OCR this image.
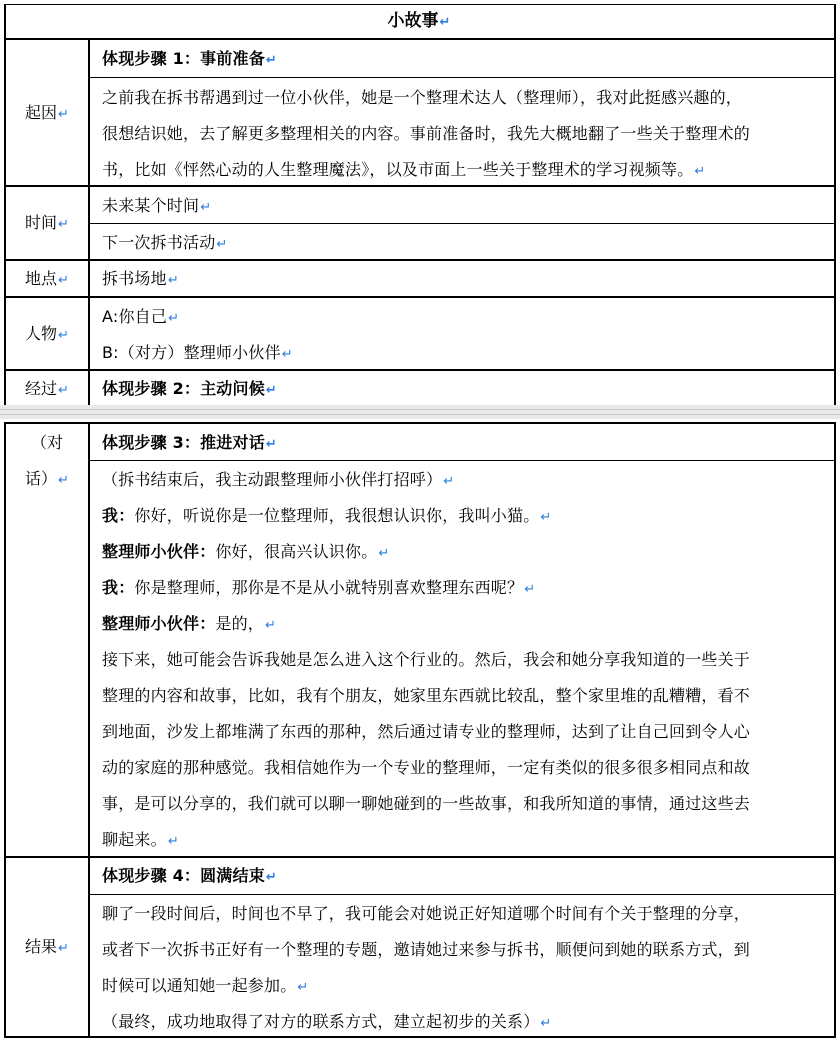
小故事↵
起因↵
体现步骤 1：事前准备↵
之前我在拆书帮遇到过一位小伙伴，她是一个整理术达人（整理师），我对此挺感兴趣的，
很想结识她，去了解更多整理相关的内容。事前准备时，我先大概地翻了一些关于整理术的
书，比如《怦然心动的人生整理魔法》，以及市面上一些关于整理术的学习视频等。↵
时间↵
未来某个时间↵
下一次拆书活动↵
地点↵	拆书场地↵
人物↵
A:你自己↵
B:（对方）整理师小伙伴↵
经过↵	体现步骤 2：主动问候↵
（对
话）↵
体现步骤 3：推进对话↵
（拆书结束后，我主动跟整理师小伙伴打招呼）↵
我：你好，听说你是一位整理师，我很想认识你，我叫小猫。↵
整理师小伙伴：你好，很高兴认识你。↵
我：你是整理师，那你是不是从小就特别喜欢整理东西呢？↵
整理师小伙伴：是的，↵
接下来，她可能会告诉我她是怎么进入这个行业的。然后，我会和她分享我知道的一些关于
整理的内容和故事，比如，我有个朋友，她家里东西就比较乱，整个家里堆的乱糟糟，看不
到地面，沙发上都堆满了东西的那种，然后通过请专业的整理师，达到了让自己回到令人心
动的家庭的那种感觉。我相信她作为一个专业的整理师，一定有类似的很多很多相同点和故
事，是可以分享的，我们就可以聊一聊她碰到的一些故事，和我所知道的事情，通过这些去
聊起来。↵
结果↵
体现步骤 4：圆满结束↵
聊了一段时间后，时间也不早了，我可能会对她说正好知道哪个时间有个关于整理的分享，
或者下一次拆书正好有一个整理的专题，邀请她过来参与拆书，顺便问到她的联系方式，到
时候可以通知她一起参加。↵
（最终，成功地取得了对方的联系方式，建立起初步的关系）↵
